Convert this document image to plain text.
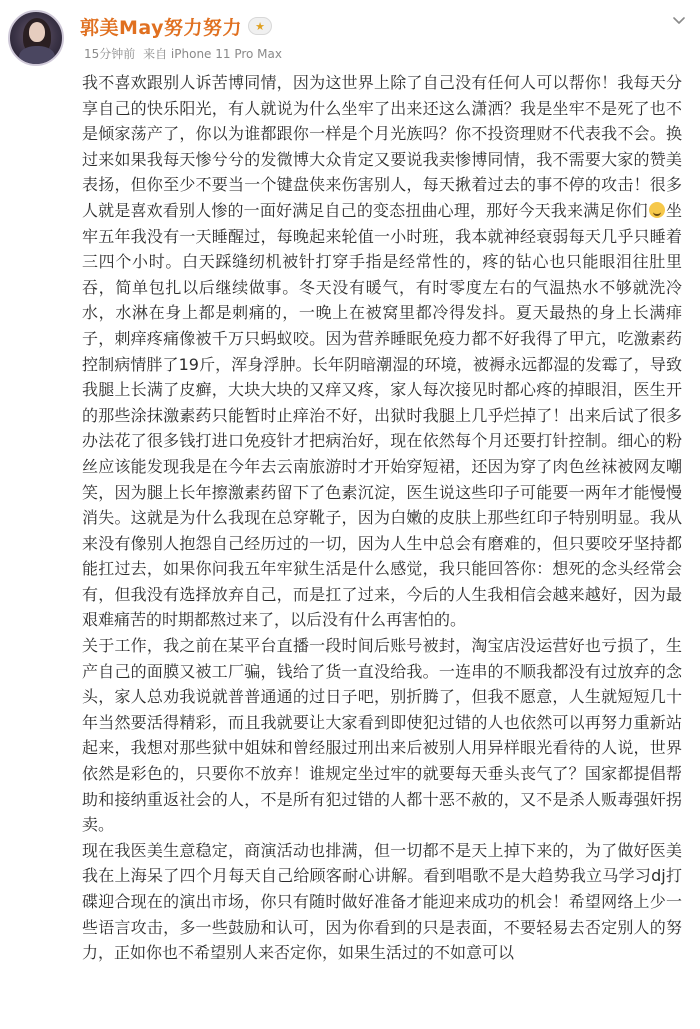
郭美May努力努力	★
15分钟前 来自 iPhone 11 Pro Max

我不喜欢跟别人诉苦博同情，因为这世界上除了自己没有任何人可以帮你！我每天分享自己的快乐阳光，有人就说为什么坐牢了出来还这么潇洒？我是坐牢不是死了也不是倾家荡产了，你以为谁都跟你一样是个月光族吗？你不投资理财不代表我不会。换过来如果我每天惨兮兮的发微博大众肯定又要说我卖惨博同情，我不需要大家的赞美表扬，但你至少不要当一个键盘侠来伤害别人，每天揪着过去的事不停的攻击！很多人就是喜欢看别人惨的一面好满足自己的变态扭曲心理，那好今天我来满足你们 坐牢五年我没有一天睡醒过，每晚起来轮值一小时班，我本就神经衰弱每天几乎只睡着三四个小时。白天踩缝纫机被针打穿手指是经常性的，疼的钻心也只能眼泪往肚里吞，简单包扎以后继续做事。冬天没有暖气，有时零度左右的气温热水不够就洗冷水，水淋在身上都是刺痛的，一晚上在被窝里都冷得发抖。夏天最热的身上长满痱子，刺痒疼痛像被千万只蚂蚁咬。因为营养睡眠免疫力都不好我得了甲亢，吃激素药控制病情胖了19斤，浑身浮肿。长年阴暗潮湿的环境，被褥永远都湿的发霉了，导致我腿上长满了皮癣，大块大块的又痒又疼，家人每次接见时都心疼的掉眼泪，医生开的那些涂抹激素药只能暂时止痒治不好，出狱时我腿上几乎烂掉了！出来后试了很多办法花了很多钱打进口免疫针才把病治好，现在依然每个月还要打针控制。细心的粉丝应该能发现我是在今年去云南旅游时才开始穿短裙，还因为穿了肉色丝袜被网友嘲笑，因为腿上长年擦激素药留下了色素沉淀，医生说这些印子可能要一两年才能慢慢消失。这就是为什么我现在总穿靴子，因为白嫩的皮肤上那些红印子特别明显。我从来没有像别人抱怨自己经历过的一切，因为人生中总会有磨难的，但只要咬牙坚持都能扛过去，如果你问我五年牢狱生活是什么感觉，我只能回答你：想死的念头经常会有，但我没有选择放弃自己，而是扛了过来，今后的人生我相信会越来越好，因为最艰难痛苦的时期都熬过来了，以后没有什么再害怕的。

关于工作，我之前在某平台直播一段时间后账号被封，淘宝店没运营好也亏损了，生产自己的面膜又被工厂骗，钱给了货一直没给我。一连串的不顺我都没有过放弃的念头，家人总劝我说就普普通通的过日子吧，别折腾了，但我不愿意，人生就短短几十年当然要活得精彩，而且我就要让大家看到即使犯过错的人也依然可以再努力重新站起来，我想对那些狱中姐妹和曾经服过刑出来后被别人用异样眼光看待的人说，世界依然是彩色的，只要你不放弃！谁规定坐过牢的就要每天垂头丧气了？国家都提倡帮助和接纳重返社会的人，不是所有犯过错的人都十恶不赦的，又不是杀人贩毒强奸拐卖。

现在我医美生意稳定，商演活动也排满，但一切都不是天上掉下来的，为了做好医美我在上海呆了四个月每天自己给顾客耐心讲解。看到唱歌不是大趋势我立马学习dj打碟迎合现在的演出市场，你只有随时做好准备才能迎来成功的机会！希望网络上少一些语言攻击，多一些鼓励和认可，因为你看到的只是表面，不要轻易去否定别人的努力，正如你也不希望别人来否定你，如果生活过的不如意可以
